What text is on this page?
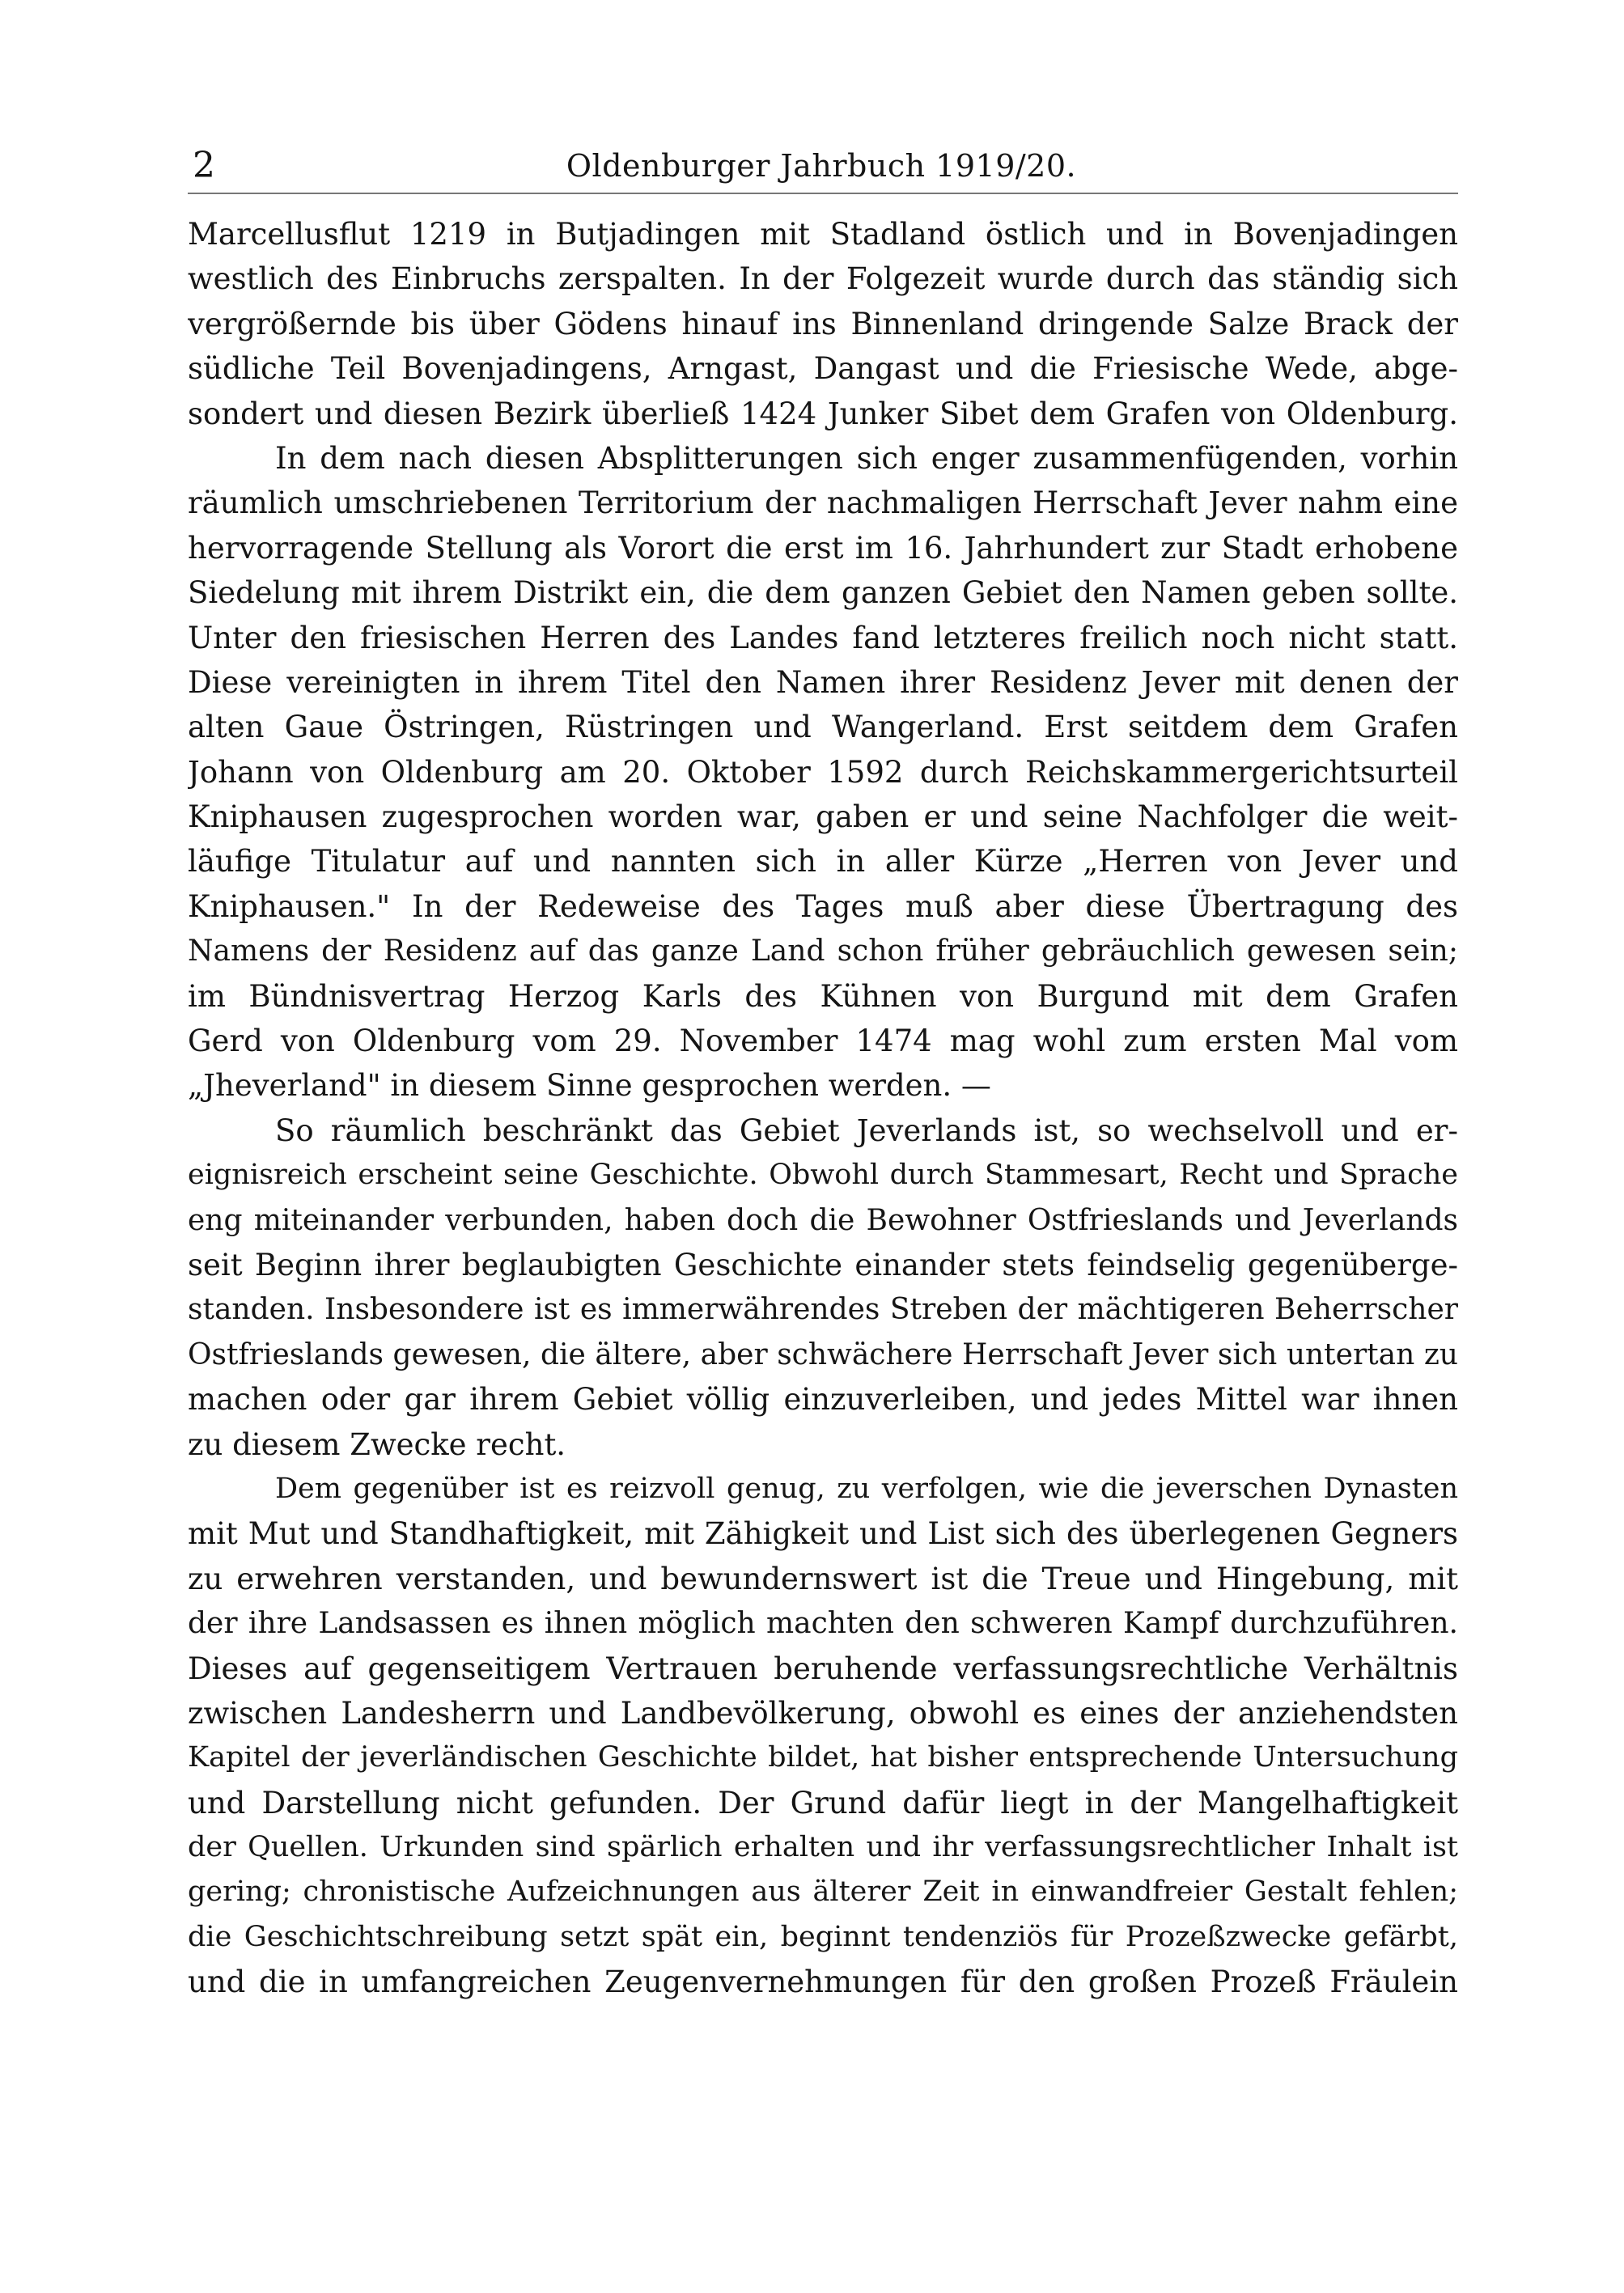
2	Oldenburger Jahrbuch 1919/20.
Marcellusflut 1219 in Butjadingen mit Stadland östlich und in Bovenjadingen
westlich des Einbruchs zerspalten. In der Folgezeit wurde durch das ständig sich
vergrößernde bis über Gödens hinauf ins Binnenland dringende Salze Brack der
südliche Teil Bovenjadingens, Arngast, Dangast und die Friesische Wede, abge-
sondert und diesen Bezirk überließ 1424 Junker Sibet dem Grafen von Oldenburg.
In dem nach diesen Absplitterungen sich enger zusammenfügenden, vorhin
räumlich umschriebenen Territorium der nachmaligen Herrschaft Jever nahm eine
hervorragende Stellung als Vorort die erst im 16. Jahrhundert zur Stadt erhobene
Siedelung mit ihrem Distrikt ein, die dem ganzen Gebiet den Namen geben sollte.
Unter den friesischen Herren des Landes fand letzteres freilich noch nicht statt.
Diese vereinigten in ihrem Titel den Namen ihrer Residenz Jever mit denen der
alten Gaue Östringen, Rüstringen und Wangerland. Erst seitdem dem Grafen
Johann von Oldenburg am 20. Oktober 1592 durch Reichskammergerichtsurteil
Kniphausen zugesprochen worden war, gaben er und seine Nachfolger die weit-
läufige Titulatur auf und nannten sich in aller Kürze „Herren von Jever und
Kniphausen." In der Redeweise des Tages muß aber diese Übertragung des
Namens der Residenz auf das ganze Land schon früher gebräuchlich gewesen sein;
im Bündnisvertrag Herzog Karls des Kühnen von Burgund mit dem Grafen
Gerd von Oldenburg vom 29. November 1474 mag wohl zum ersten Mal vom
„Jheverland" in diesem Sinne gesprochen werden. —
So räumlich beschränkt das Gebiet Jeverlands ist, so wechselvoll und er-
eignisreich erscheint seine Geschichte. Obwohl durch Stammesart, Recht und Sprache
eng miteinander verbunden, haben doch die Bewohner Ostfrieslands und Jeverlands
seit Beginn ihrer beglaubigten Geschichte einander stets feindselig gegenüberge-
standen. Insbesondere ist es immerwährendes Streben der mächtigeren Beherrscher
Ostfrieslands gewesen, die ältere, aber schwächere Herrschaft Jever sich untertan zu
machen oder gar ihrem Gebiet völlig einzuverleiben, und jedes Mittel war ihnen
zu diesem Zwecke recht.
Dem gegenüber ist es reizvoll genug, zu verfolgen, wie die jeverschen Dynasten
mit Mut und Standhaftigkeit, mit Zähigkeit und List sich des überlegenen Gegners
zu erwehren verstanden, und bewundernswert ist die Treue und Hingebung, mit
der ihre Landsassen es ihnen möglich machten den schweren Kampf durchzuführen.
Dieses auf gegenseitigem Vertrauen beruhende verfassungsrechtliche Verhältnis
zwischen Landesherrn und Landbevölkerung, obwohl es eines der anziehendsten
Kapitel der jeverländischen Geschichte bildet, hat bisher entsprechende Untersuchung
und Darstellung nicht gefunden. Der Grund dafür liegt in der Mangelhaftigkeit
der Quellen. Urkunden sind spärlich erhalten und ihr verfassungsrechtlicher Inhalt ist
gering; chronistische Aufzeichnungen aus älterer Zeit in einwandfreier Gestalt fehlen;
die Geschichtschreibung setzt spät ein, beginnt tendenziös für Prozeßzwecke gefärbt,
und die in umfangreichen Zeugenvernehmungen für den großen Prozeß Fräulein
